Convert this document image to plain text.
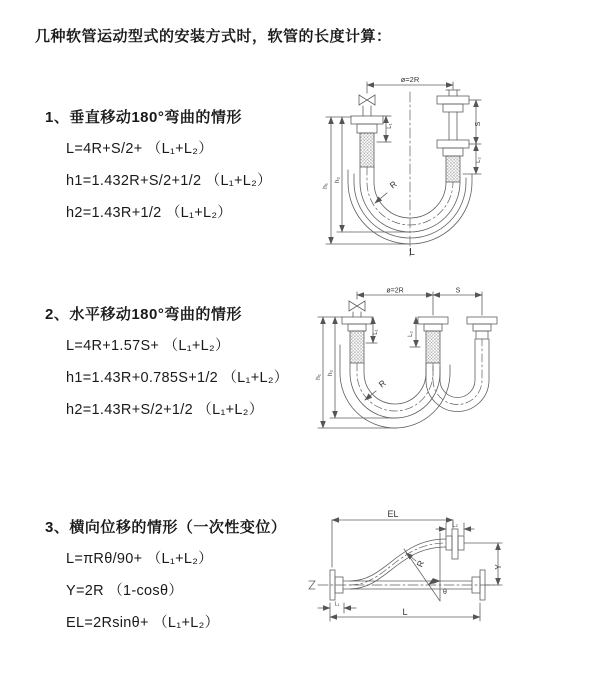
几种软管运动型式的安装方式时，软管的长度计算：

1、垂直移动180°弯曲的情形

L=4R+S/2+ （L₁+L₂）

h1=1.432R+S/2+1/2 （L₁+L₂）

h2=1.43R+1/2 （L₁+L₂）

2、水平移动180°弯曲的情形

L=4R+1.57S+ （L₁+L₂）

h1=1.43R+0.785S+1/2 （L₁+L₂）

h2=1.43R+S/2+1/2 （L₁+L₂）

3、横向位移的情形（一次性变位）

L=πRθ/90+ （L₁+L₂）

Y=2R （1-cosθ）

EL=2Rsinθ+ （L₁+L₂）

ø=2R
h₁
h₂
L₁	S
L₂
R
L
ø=2R	S
h₁
h₂
L₁	L₂
R
EL
L₂
Y
R
θ
L
L₁
